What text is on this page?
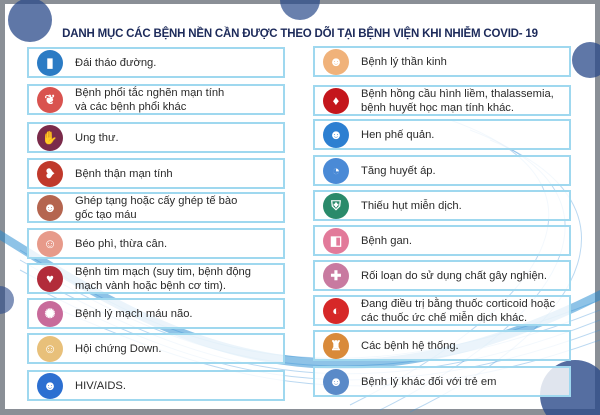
DANH MỤC CÁC BỆNH NỀN CẦN ĐƯỢC THEO DÕI TẠI BỆNH VIỆN KHI NHIỄM COVID- 19
▮	Đái tháo đường.
❦	Bệnh phổi tắc nghẽn mạn tính
và các bệnh phổi khác
✋	Ung thư.
❥	Bệnh thận mạn tính
☻	Ghép tạng hoặc cấy ghép tế bào
gốc tạo máu
☺	Béo phì, thừa cân.
♥	Bệnh tim mạch (suy tim, bệnh động
mạch vành hoặc bệnh cơ tim).
✺	Bệnh lý mạch máu não.
☺	Hội chứng Down.
☻	HIV/AIDS.
☻	Bệnh lý thần kinh
♦	Bệnh hồng cầu hình liềm, thalassemia,
bệnh huyết học mạn tính khác.
☻	Hen phế quản.
◔	Tăng huyết áp.
⛨	Thiếu hụt miễn dịch.
◧	Bệnh gan.
✚	Rối loạn do sử dụng chất gây nghiện.
◐	Đang điều trị bằng thuốc corticoid hoặc
các thuốc ức chế miễn dịch khác.
♜	Các bệnh hệ thống.
☻	Bệnh lý khác đối với trẻ em
